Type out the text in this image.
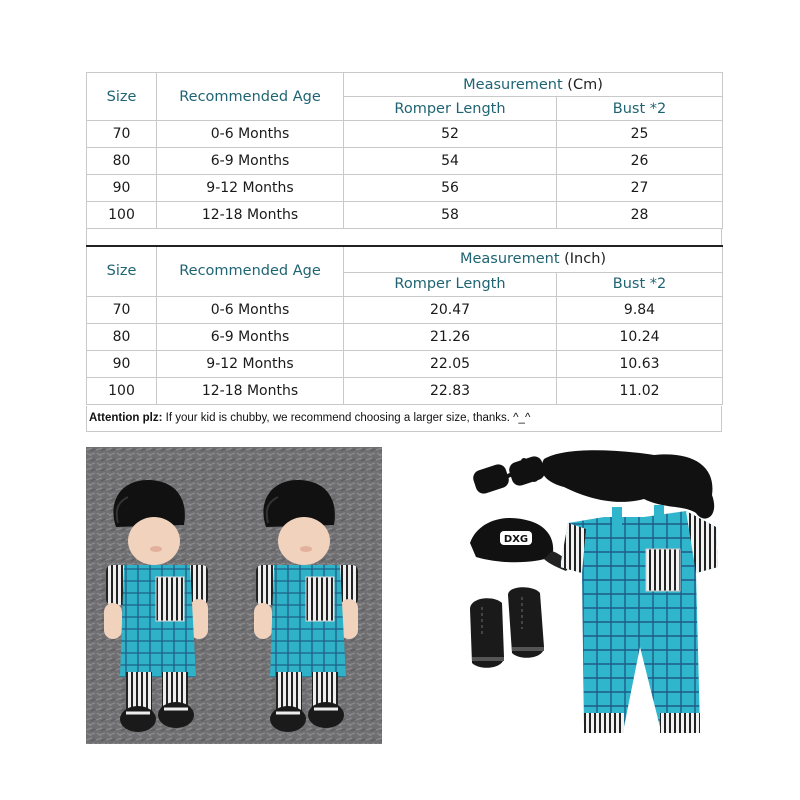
Size	Recommended Age	Measurement (Cm)	
		Romper Length	Bust *2
70	0-6 Months	52	25
80	6-9 Months	54	26
90	9-12 Months	56	27
100	12-18 Months	58	28
Size	Recommended Age	Measurement (Inch)	
		Romper Length	Bust *2
70	0-6 Months	20.47	9.84
80	6-9 Months	21.26	10.24
90	9-12 Months	22.05	10.63
100	12-18 Months	22.83	11.02
Attention plz: If your kid is chubby, we recommend choosing a larger size, thanks. ^_^
DXG
